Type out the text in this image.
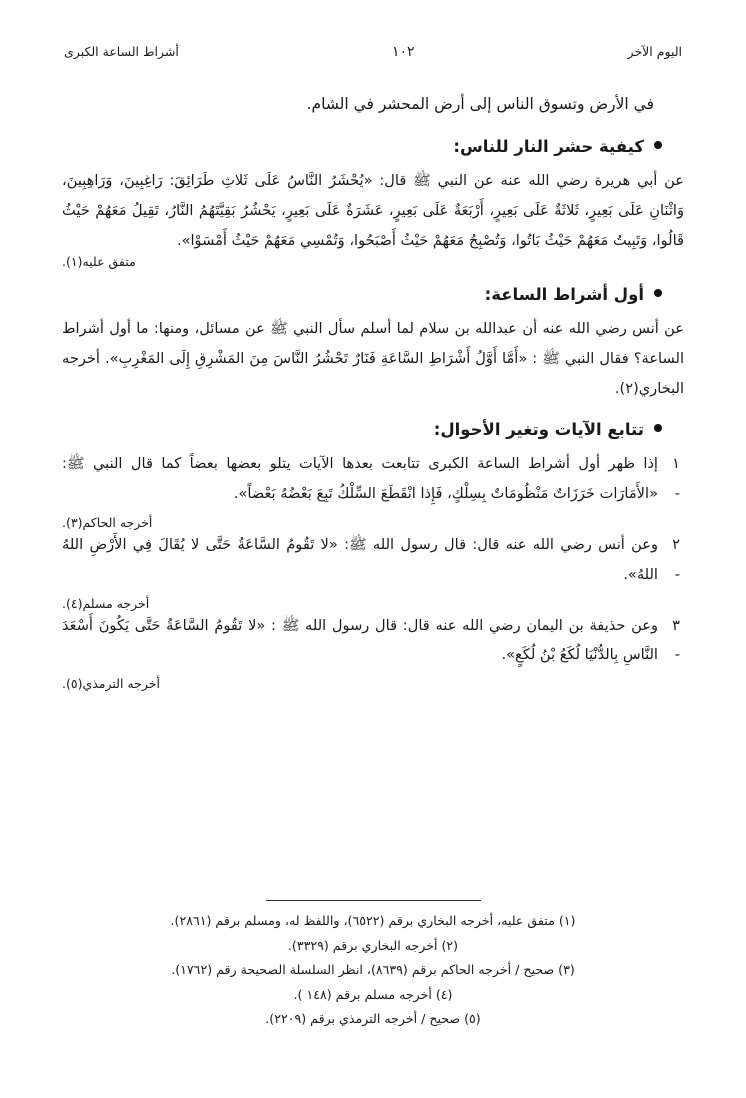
اليوم الآخر
١٠٢
أشراط الساعة الكبرى

في الأرض وتسوق الناس إلى أرض المحشر في الشام.

كيفية حشر النار للناس:

عن أبي هريرة رضي الله عنه عن النبي ﷺ قال: «يُحْشَرُ النَّاسُ عَلَى ثَلاثِ طَرَائِقَ: رَاغِبِينَ، وَرَاهِبِينَ، وَاثْنَانِ عَلَى بَعِيرٍ، ثَلاثَةٌ عَلَى بَعِيرٍ، أَرْبَعَةٌ عَلَى بَعِيرٍ، عَشَرَةٌ عَلَى بَعِيرٍ، يَحْشُرُ بَقِيَّتَهُمُ النَّارُ، تَقِيلُ مَعَهُمْ حَيْثُ قَالُوا، وَتَبِيتُ مَعَهُمْ حَيْثُ بَاتُوا، وَتُصْبِحُ مَعَهُمْ حَيْثُ أَصْبَحُوا، وَتُمْسِي مَعَهُمْ حَيْثُ أَمْسَوْا».

متفق عليه(١).
أول أشراط الساعة:

عن أنس رضي الله عنه أن عبدالله بن سلام لما أسلم سأل النبي ﷺ عن مسائل، ومنها: ما أول أشراط الساعة؟ فقال النبي ﷺ : «أَمَّا أَوَّلُ أَشْرَاطِ السَّاعَةِ فَنَارٌ تَحْشُرُ النَّاسَ مِنَ المَشْرِقِ إِلَى المَغْرِبِ». أخرجه البخاري(٢).

تتابع الآيات وتغير الأحوال:
١ -
إذا ظهر أول أشراط الساعة الكبرى تتابعت بعدها الآيات يتلو بعضها بعضاً كما قال النبي ﷺ: «الأَمَارَات خَرَزَاتٌ مَنْظُومَاتٌ بِسِلْكٍ، فَإِذا انْقَطَعَ السِّلْكُ تَبِعَ بَعْضُهُ بَعْضاً».
أخرجه الحاكم(٣).
٢ -
وعن أنس رضي الله عنه قال: قال رسول الله ﷺ: «لا تَقُومُ السَّاعَةُ حَتَّى لا يُقَالَ فِي الأَرْضِ اللهُ اللهُ».
أخرجه مسلم(٤).
٣ -
وعن حذيفة بن اليمان رضي الله عنه قال: قال رسول الله ﷺ : «لا تَقُومُ السَّاعَةُ حَتَّى يَكُونَ أَسْعَدَ النَّاسِ بِالدُّنْيَا لُكَعُ بْنُ لُكَعٍ».
أخرجه الترمذي(٥).
(١) متفق عليه، أخرجه البخاري برقم (٦٥٢٢)، واللفظ له، ومسلم برقم (٢٨٦١).
(٢) أخرجه البخاري برقم (٣٣٢٩).
(٣) صحيح / أخرجه الحاكم برقم (٨٦٣٩)، انظر السلسلة الصحيحة رقم (١٧٦٢).
(٤) أخرجه مسلم برقم (١٤٨ ).
(٥) صحيح / أخرجه الترمذي برقم (٢٢٠٩).
